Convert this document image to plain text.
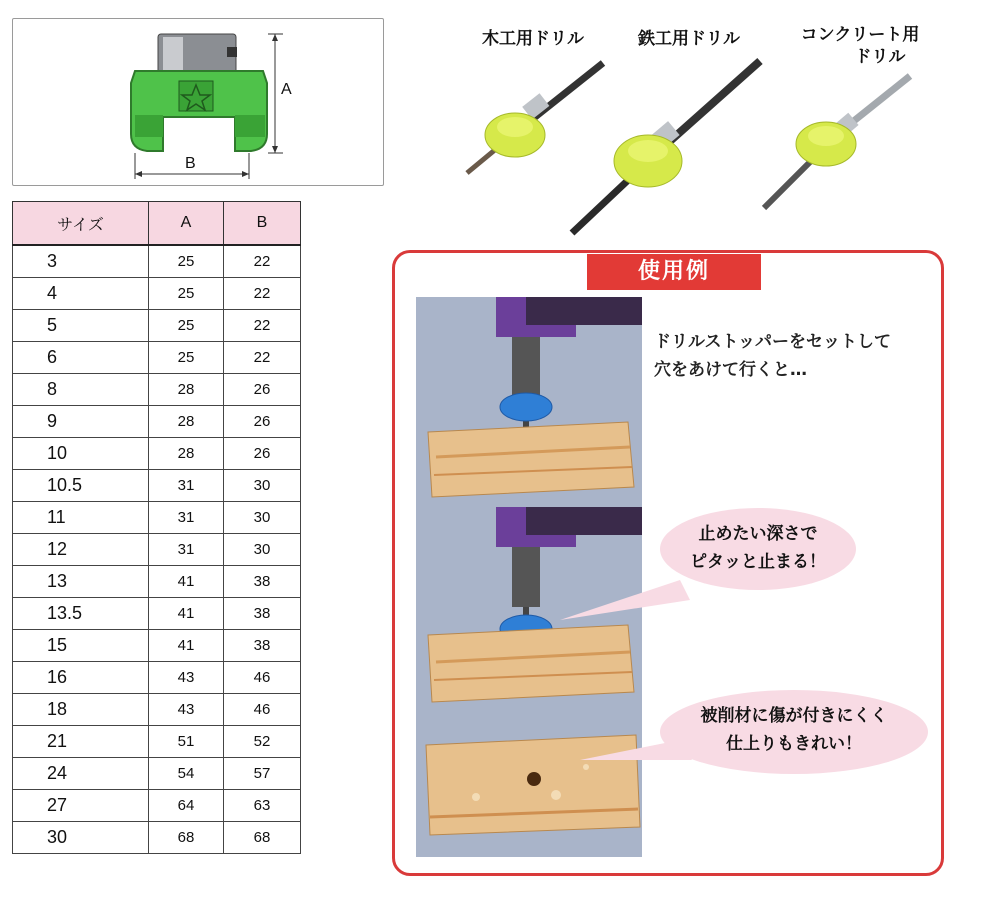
A
B
サイズ	A	B
3	25	22
4	25	22
5	25	22
6	25	22
8	28	26
9	28	26
10	28	26
10.5	31	30
11	31	30
12	31	30
13	41	38
13.5	41	38
15	41	38
16	43	46
18	43	46
21	51	52
24	54	57
27	64	63
30	68	68
木工用ドリル	鉄工用ドリル	コンクリート用
ドリル
使用例
ドリルストッパーをセットして
穴をあけて行くと…
止めたい深さで
ピタッと止まる！
被削材に傷が付きにくく
仕上りもきれい！
